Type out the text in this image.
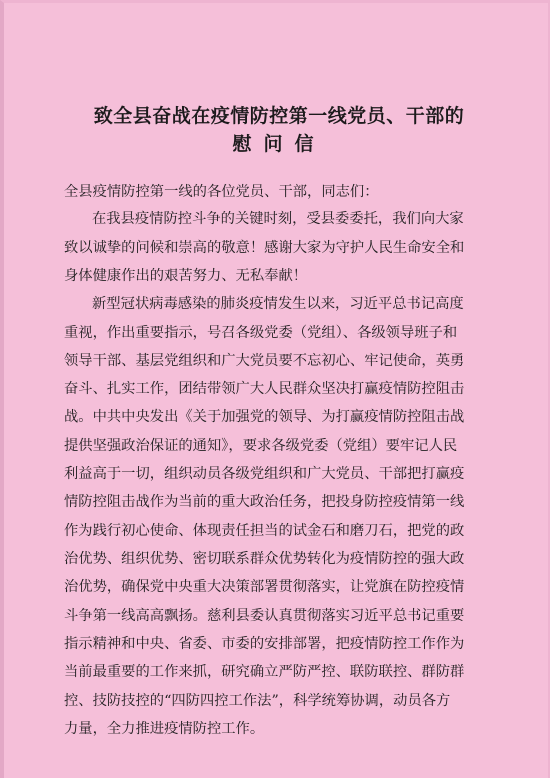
致全县奋战在疫情防控第一线党员、干部的
慰问信
全县疫情防控第一线的各位党员、干部，同志们：
在我县疫情防控斗争的关键时刻，受县委委托，我们向大家
致以诚挚的问候和崇高的敬意！感谢大家为守护人民生命安全和
身体健康作出的艰苦努力、无私奉献！
新型冠状病毒感染的肺炎疫情发生以来，习近平总书记高度
重视，作出重要指示，号召各级党委（党组）、各级领导班子和
领导干部、基层党组织和广大党员要不忘初心、牢记使命，英勇
奋斗、扎实工作，团结带领广大人民群众坚决打赢疫情防控阻击
战。中共中央发出《关于加强党的领导、为打赢疫情防控阻击战
提供坚强政治保证的通知》，要求各级党委（党组）要牢记人民
利益高于一切，组织动员各级党组织和广大党员、干部把打赢疫
情防控阻击战作为当前的重大政治任务，把投身防控疫情第一线
作为践行初心使命、体现责任担当的试金石和磨刀石，把党的政
治优势、组织优势、密切联系群众优势转化为疫情防控的强大政
治优势，确保党中央重大决策部署贯彻落实，让党旗在防控疫情
斗争第一线高高飘扬。慈利县委认真贯彻落实习近平总书记重要
指示精神和中央、省委、市委的安排部署，把疫情防控工作作为
当前最重要的工作来抓，研究确立严防严控、联防联控、群防群
控、技防技控的“四防四控工作法”，科学统筹协调，动员各方
力量，全力推进疫情防控工作。
